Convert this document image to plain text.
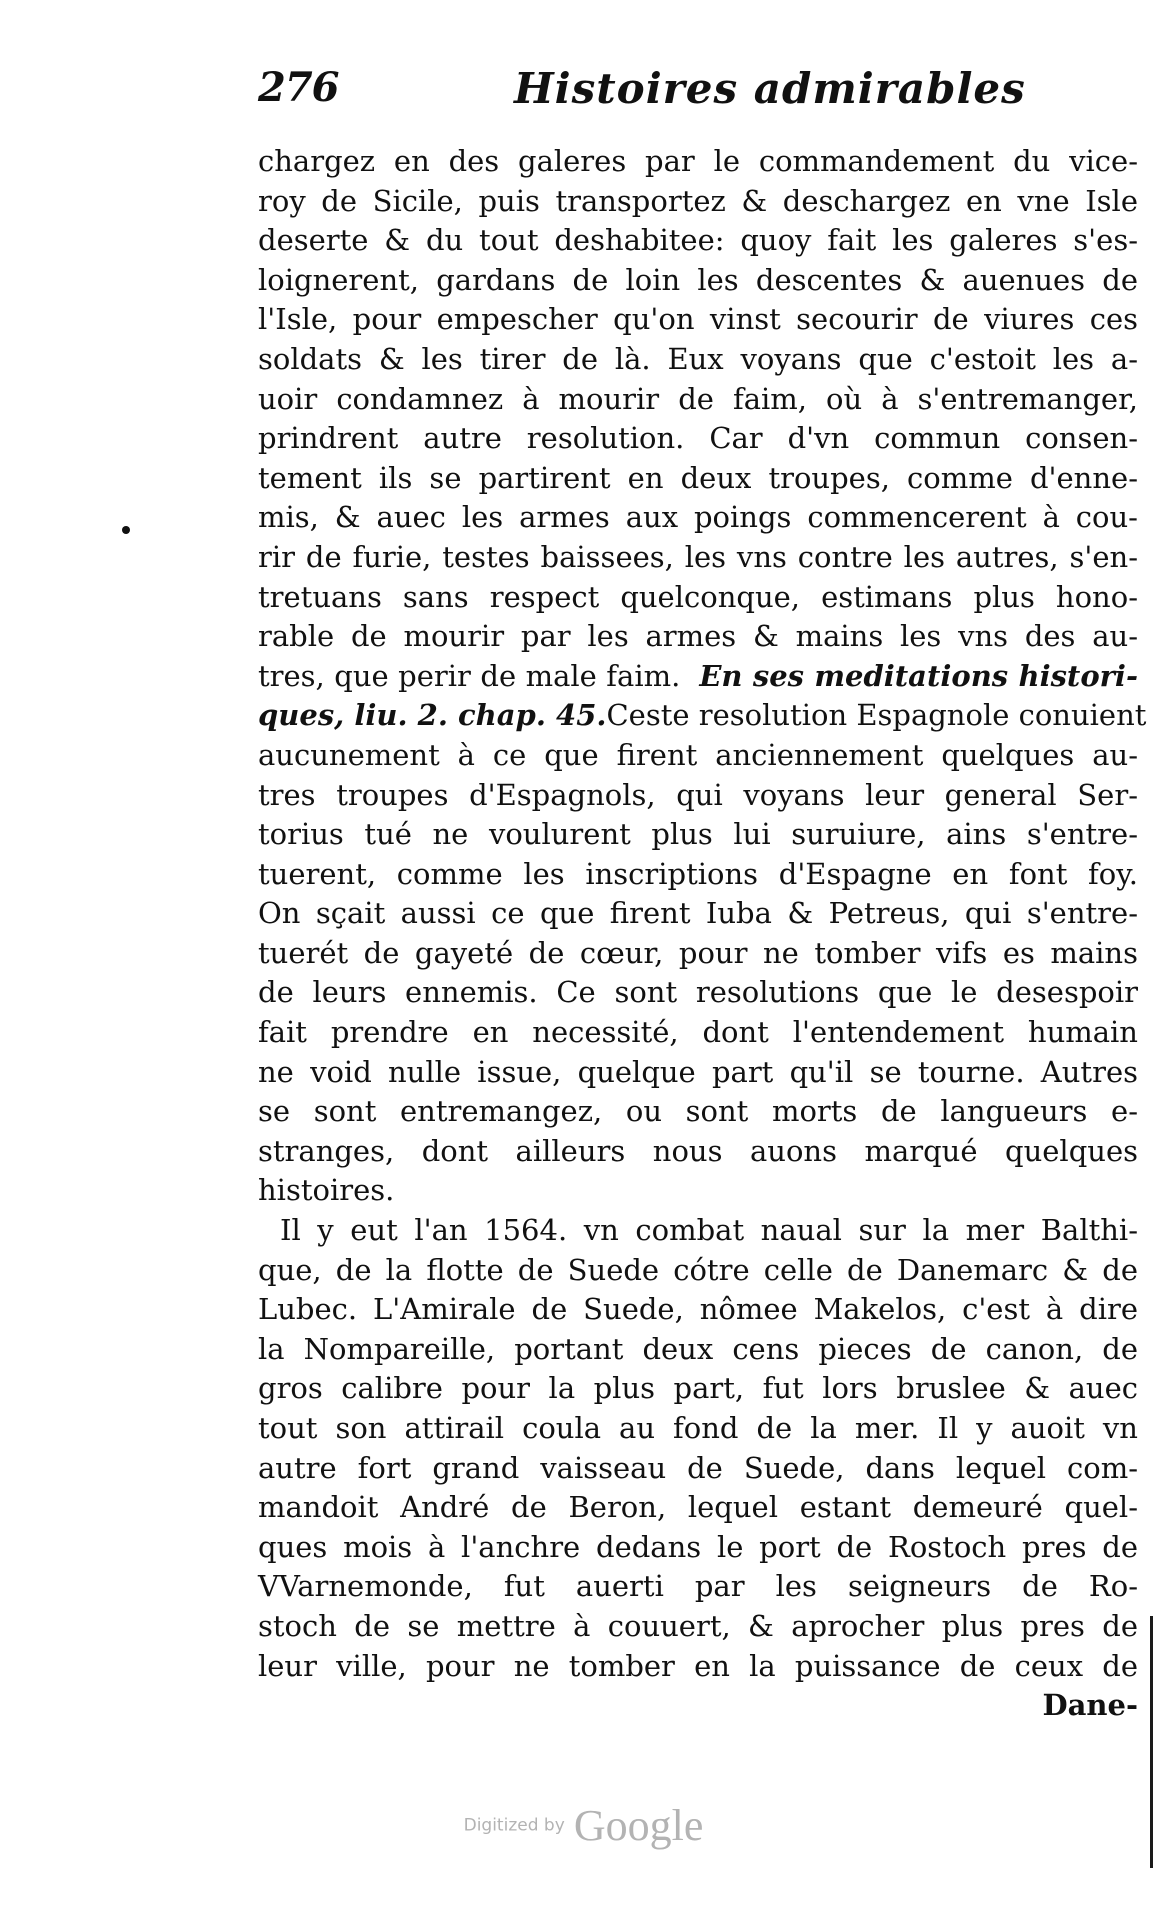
276	Histoires admirables
chargez en des galeres par le commandement du vice-
roy de Sicile, puis transportez & deschargez en vne Isle
deserte & du tout deshabitee: quoy fait les galeres s'es-
loignerent, gardans de loin les descentes & auenues de
l'Isle, pour empescher qu'on vinst secourir de viures ces
soldats & les tirer de là. Eux voyans que c'estoit les a-
uoir condamnez à mourir de faim, où à s'entremanger,
prindrent autre resolution. Car d'vn commun consen-
tement ils se partirent en deux troupes, comme d'enne-
mis, & auec les armes aux poings commencerent à cou-
rir de furie, testes baissees, les vns contre les autres, s'en-
tretuans sans respect quelconque, estimans plus hono-
rable de mourir par les armes & mains les vns des au-
tres, que perir de male faim. En ses meditations histori-
ques, liu. 2. chap. 45.Ceste resolution Espagnole conuient
aucunement à ce que firent anciennement quelques au-
tres troupes d'Espagnols, qui voyans leur general Ser-
torius tué ne voulurent plus lui suruiure, ains s'entre-
tuerent, comme les inscriptions d'Espagne en font foy.
On sçait aussi ce que firent Iuba & Petreus, qui s'entre-
tuerét de gayeté de cœur, pour ne tomber vifs es mains
de leurs ennemis. Ce sont resolutions que le desespoir
fait prendre en necessité, dont l'entendement humain
ne void nulle issue, quelque part qu'il se tourne. Autres
se sont entremangez, ou sont morts de langueurs e-
stranges, dont ailleurs nous auons marqué quelques
histoires.
Il y eut l'an 1564. vn combat naual sur la mer Balthi-
que, de la flotte de Suede cótre celle de Danemarc & de
Lubec. L'Amirale de Suede, nômee Makelos, c'est à dire
la Nompareille, portant deux cens pieces de canon, de
gros calibre pour la plus part, fut lors bruslee & auec
tout son attirail coula au fond de la mer. Il y auoit vn
autre fort grand vaisseau de Suede, dans lequel com-
mandoit André de Beron, lequel estant demeuré quel-
ques mois à l'anchre dedans le port de Rostoch pres de
VVarnemonde, fut auerti par les seigneurs de Ro-
stoch de se mettre à couuert, & aprocher plus pres de
leur ville, pour ne tomber en la puissance de ceux de
Dane-
Digitized by Google
